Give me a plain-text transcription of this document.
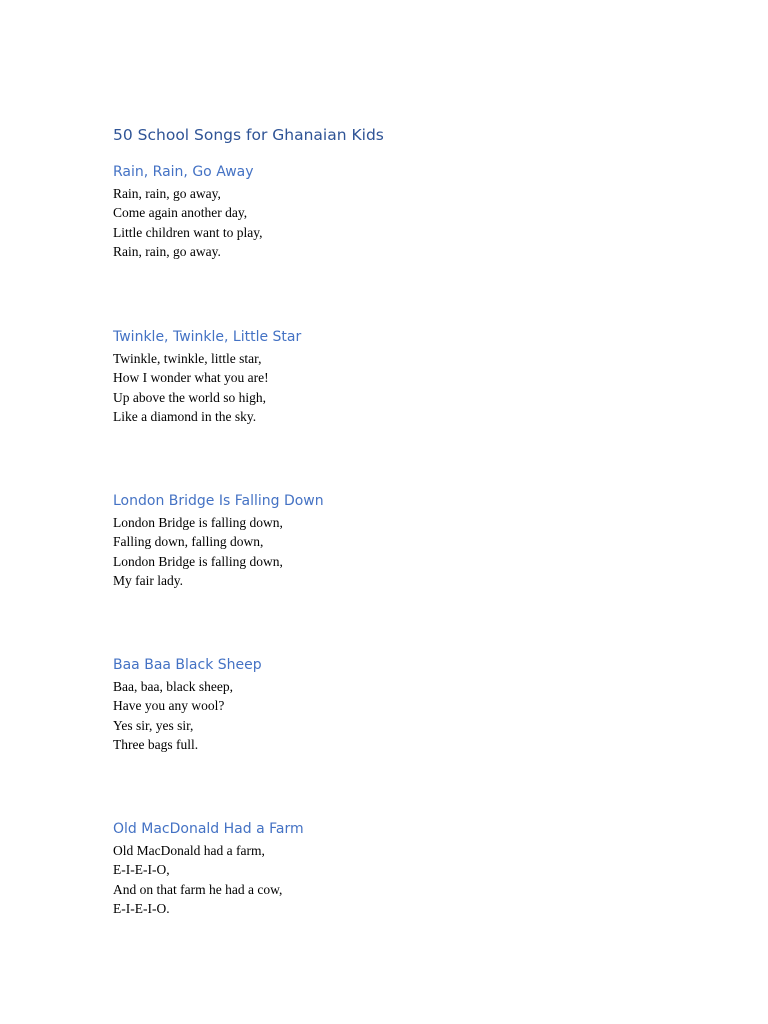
50 School Songs for Ghanaian Kids
Rain, Rain, Go Away
Rain, rain, go away,
Come again another day,
Little children want to play,
Rain, rain, go away.
Twinkle, Twinkle, Little Star
Twinkle, twinkle, little star,
How I wonder what you are!
Up above the world so high,
Like a diamond in the sky.
London Bridge Is Falling Down
London Bridge is falling down,
Falling down, falling down,
London Bridge is falling down,
My fair lady.
Baa Baa Black Sheep
Baa, baa, black sheep,
Have you any wool?
Yes sir, yes sir,
Three bags full.
Old MacDonald Had a Farm
Old MacDonald had a farm,
E-I-E-I-O,
And on that farm he had a cow,
E-I-E-I-O.
